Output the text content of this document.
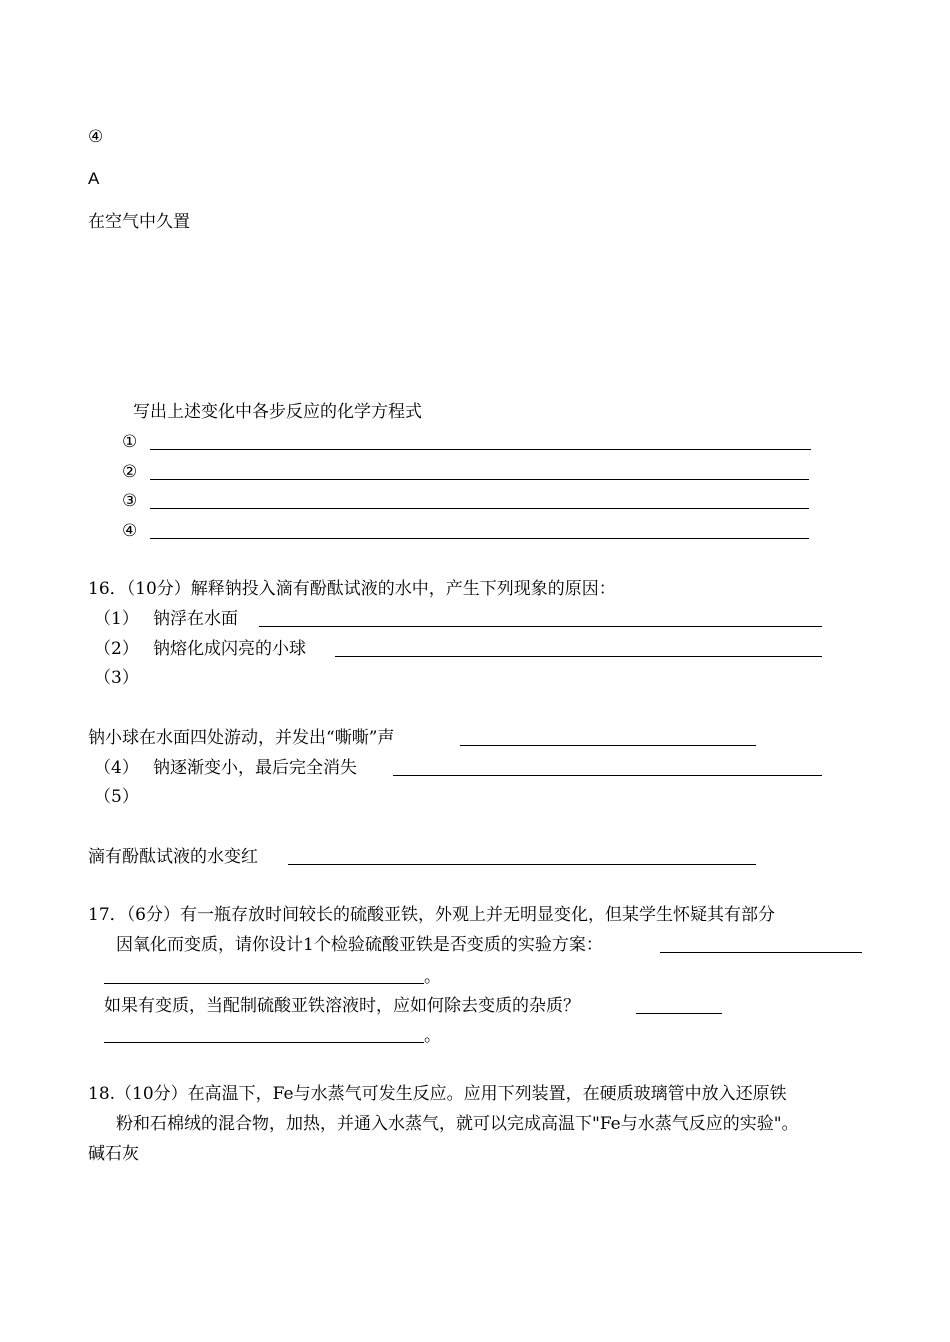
④
A
在空气中久置
写出上述变化中各步反应的化学方程式
①
②
③
④
16．（10分）解释钠投入滴有酚酞试液的水中，产生下列现象的原因：
（1） 钠浮在水面
（2） 钠熔化成闪亮的小球
（3）
钠小球在水面四处游动，并发出“嘶嘶”声
（4） 钠逐渐变小，最后完全消失
（5）
滴有酚酞试液的水变红
17．（6分）有一瓶存放时间较长的硫酸亚铁，外观上并无明显变化，但某学生怀疑其有部分
因氧化而变质，请你设计1个检验硫酸亚铁是否变质的实验方案：
。
如果有变质，当配制硫酸亚铁溶液时，应如何除去变质的杂质？
。
18.（10分）在高温下，Fe与水蒸气可发生反应。应用下列装置，在硬质玻璃管中放入还原铁
粉和石棉绒的混合物，加热，并通入水蒸气，就可以完成高温下"Fe与水蒸气反应的实验"。
碱石灰
